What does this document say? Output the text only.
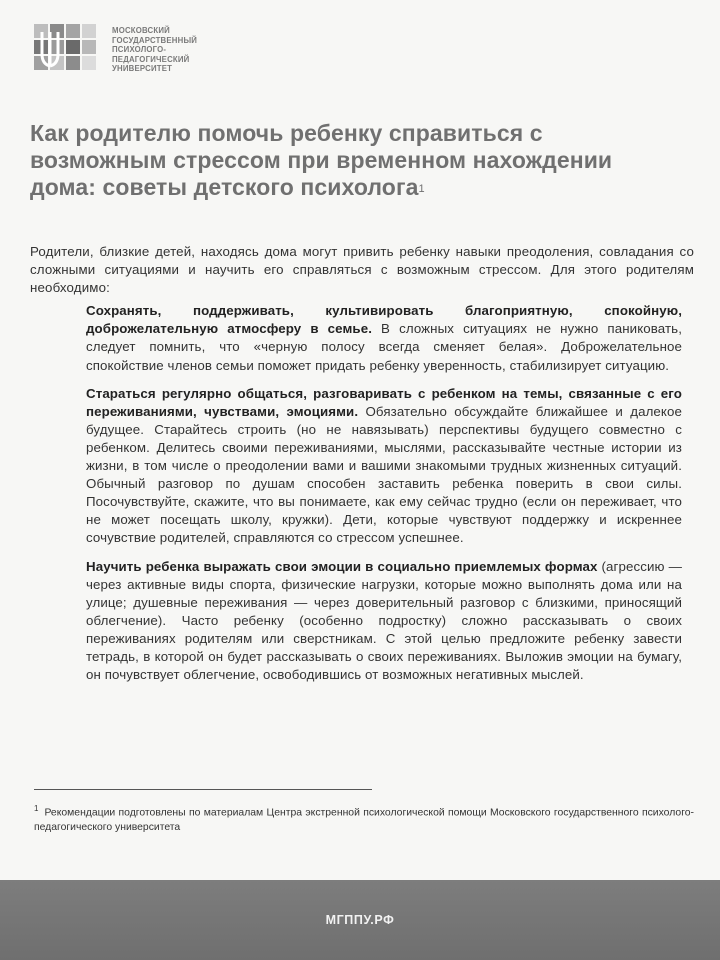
МОСКОВСКИЙ
ГОСУДАРСТВЕННЫЙ
ПСИХОЛОГО-
ПЕДАГОГИЧЕСКИЙ
УНИВЕРСИТЕТ
Как родителю помочь ребенку справиться с возможным стрессом при временном нахождении дома: советы детского психолога$^1$

Родители, близкие детей, находясь дома могут привить ребенку навыки преодоления, совладания со сложными ситуациями и научить его справляться с возможным стрессом. Для этого родителям необходимо:

Сохранять, поддерживать, культивировать благоприятную, спокойную, доброжелательную атмосферу в семье. В сложных ситуациях не нужно паниковать, следует помнить, что «черную полосу всегда сменяет белая». Доброжелательное спокойствие членов семьи поможет придать ребенку уверенность, стабилизирует ситуацию.

Стараться регулярно общаться, разговаривать с ребенком на темы, связанные с его переживаниями, чувствами, эмоциями. Обязательно обсуждайте ближайшее и далекое будущее. Старайтесь строить (но не навязывать) перспективы будущего совместно с ребенком. Делитесь своими переживаниями, мыслями, рассказывайте честные истории из жизни, в том числе о преодолении вами и вашими знакомыми трудных жизненных ситуаций. Обычный разговор по душам способен заставить ребенка поверить в свои силы. Посочувствуйте, скажите, что вы понимаете, как ему сейчас трудно (если он переживает, что не может посещать школу, кружки). Дети, которые чувствуют поддержку и искреннее сочувствие родителей, справляются со стрессом успешнее.

Научить ребенка выражать свои эмоции в социально приемлемых формах (агрессию — через активные виды спорта, физические нагрузки, которые можно выполнять дома или на улице; душевные переживания — через доверительный разговор с близкими, приносящий облегчение). Часто ребенку (особенно подростку) сложно рассказывать о своих переживаниях родителям или сверстникам. С этой целью предложите ребенку завести тетрадь, в которой он будет рассказывать о своих переживаниях. Выложив эмоции на бумагу, он почувствует облегчение, освободившись от возможных негативных мыслей.

$^1$ Рекомендации подготовлены по материалам Центра экстренной психологической помощи Московского государственного психолого-педагогического университета
МГППУ.РФ
